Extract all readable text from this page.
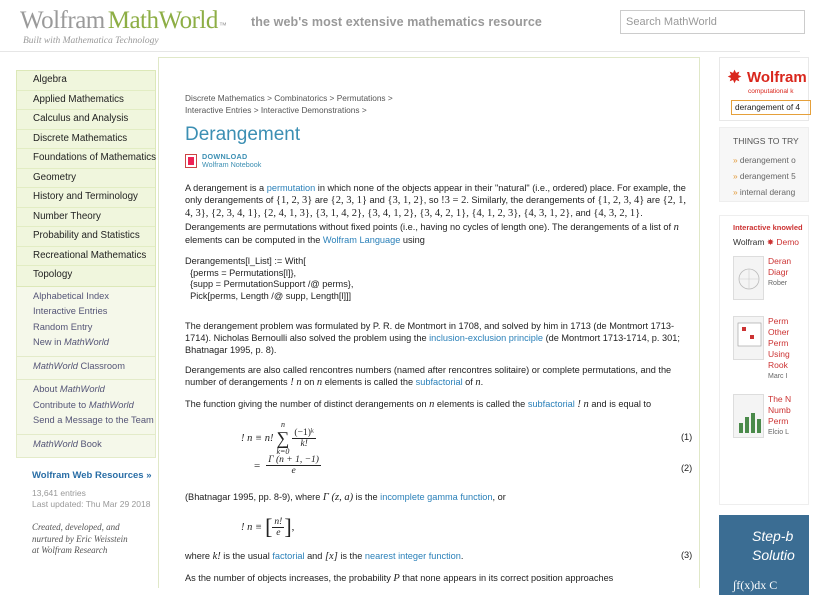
Wolfram MathWorld ™ the web's most extensive mathematics resource
Built with Mathematica Technology
Search MathWorld
Algebra
Applied Mathematics
Calculus and Analysis
Discrete Mathematics
Foundations of Mathematics
Geometry
History and Terminology
Number Theory
Probability and Statistics
Recreational Mathematics
Topology
Alphabetical Index
Interactive Entries
Random Entry
New in MathWorld
MathWorld Classroom
About MathWorld
Contribute to MathWorld
Send a Message to the Team
MathWorld Book
Wolfram Web Resources »
13,641 entries
Last updated: Thu Mar 29 2018
Created, developed, and
nurtured by Eric Weisstein
at Wolfram Research
Discrete Mathematics > Combinatorics > Permutations >
Interactive Entries > Interactive Demonstrations >
Derangement
DOWNLOAD
Wolfram Notebook
A derangement is a permutation in which none of the objects appear in their "natural" (i.e., ordered) place. For example, the only derangements of {1, 2, 3} are {2, 3, 1} and {3, 1, 2}, so !3 = 2. Similarly, the derangements of {1, 2, 3, 4} are {2, 1, 4, 3}, {2, 3, 4, 1}, {2, 4, 1, 3}, {3, 1, 4, 2}, {3, 4, 1, 2}, {3, 4, 2, 1}, {4, 1, 2, 3}, {4, 3, 1, 2}, and {4, 3, 2, 1}. Derangements are permutations without fixed points (i.e., having no cycles of length one). The derangements of a list of n elements can be computed in the Wolfram Language using
Derangements[l_List] := With[
{perms = Permutations[l]},
{supp = PermutationSupport /@ perms},
Pick[perms, Length /@ supp, Length[l]]]
The derangement problem was formulated by P. R. de Montmort in 1708, and solved by him in 1713 (de Montmort 1713-1714). Nicholas Bernoulli also solved the problem using the inclusion-exclusion principle (de Montmort 1713-1714, p. 301; Bhatnagar 1995, p. 8).
Derangements are also called rencontres numbers (named after rencontres solitaire) or complete permutations, and the number of derangements ! n on n elements is called the subfactorial of n.
The function giving the number of distinct derangements on n elements is called the subfactorial ! n and is equal to
! n ≡ n!
n
∑
k=0
$\frac{\text{(−1)ᵏ}}{k!}$	(1)
= $\frac{\Gamma (n + 1, -1)}{e}$	(2)
(Bhatnagar 1995, pp. 8-9), where Γ (z, a) is the incomplete gamma function, or
! n ≡ [ $\frac{n!}{e}$ ] ,
(3)
where k! is the usual factorial and [x] is the nearest integer function.
As the number of objects increases, the probability P that none appears in its correct position approaches
✸ Wolfram
computational k
derangement of 4
THINGS TO TRY
» derangement o
» derangement 5
» internal derang
Interactive knowled
Wolfram ✸ Demo
Deran
Diagr
Rober
Perm
Other
Perm
Using
Rook
Marc I
The N
Numb
Perm
Elcio L
Step-b
Solutio
∫f(x)dx C
